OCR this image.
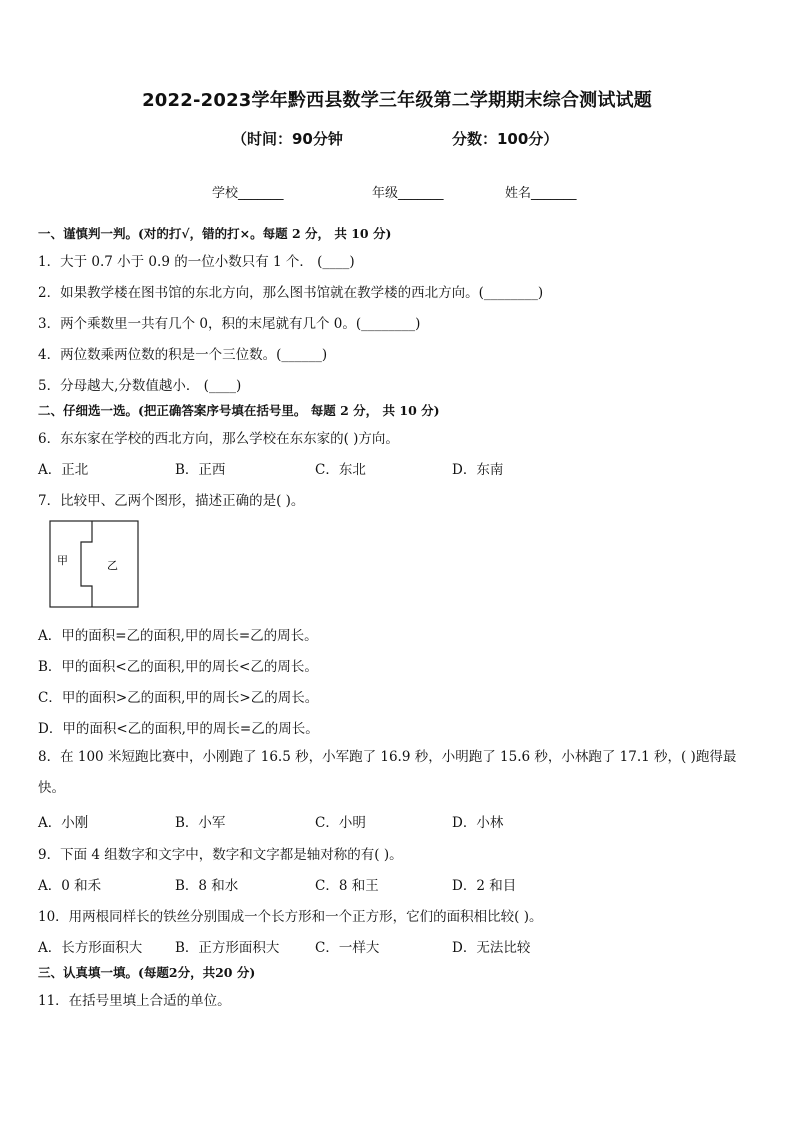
2022-2023学年黔西县数学三年级第二学期期末综合测试试题
（时间：90分钟	分数：100分）
学校_______	年级_______	姓名_______
一、谨慎判一判。(对的打√，错的打×。每题 2 分， 共 10 分)
1．大于 0.7 小于 0.9 的一位小数只有 1 个． (____)
2．如果教学楼在图书馆的东北方向，那么图书馆就在教学楼的西北方向。(________)
3．两个乘数里一共有几个 0，积的末尾就有几个 0。(________)
4．两位数乘两位数的积是一个三位数。(______)
5．分母越大,分数值越小． (____)
二、仔细选一选。(把正确答案序号填在括号里。 每题 2 分， 共 10 分)
6．东东家在学校的西北方向，那么学校在东东家的( )方向。
A．正北	B．正西	C．东北	D．东南
7．比较甲、乙两个图形，描述正确的是( )。
甲	乙
A．甲的面积=乙的面积,甲的周长=乙的周长。
B．甲的面积<乙的面积,甲的周长<乙的周长。
C．甲的面积>乙的面积,甲的周长>乙的周长。
D．甲的面积<乙的面积,甲的周长=乙的周长。
8．在 100 米短跑比赛中，小刚跑了 16.5 秒，小军跑了 16.9 秒，小明跑了 15.6 秒，小林跑了 17.1 秒，( )跑得最快。
A．小刚	B．小军	C．小明	D．小林
9．下面 4 组数字和文字中，数字和文字都是轴对称的有( )。
A．0 和禾	B．8 和水	C．8 和王	D．2 和目
10．用两根同样长的铁丝分别围成一个长方形和一个正方形，它们的面积相比较( )。
A．长方形面积大 B．正方形面积大	C．一样大	D．无法比较
三、认真填一填。(每题2分，共20 分)
11．在括号里填上合适的单位。
